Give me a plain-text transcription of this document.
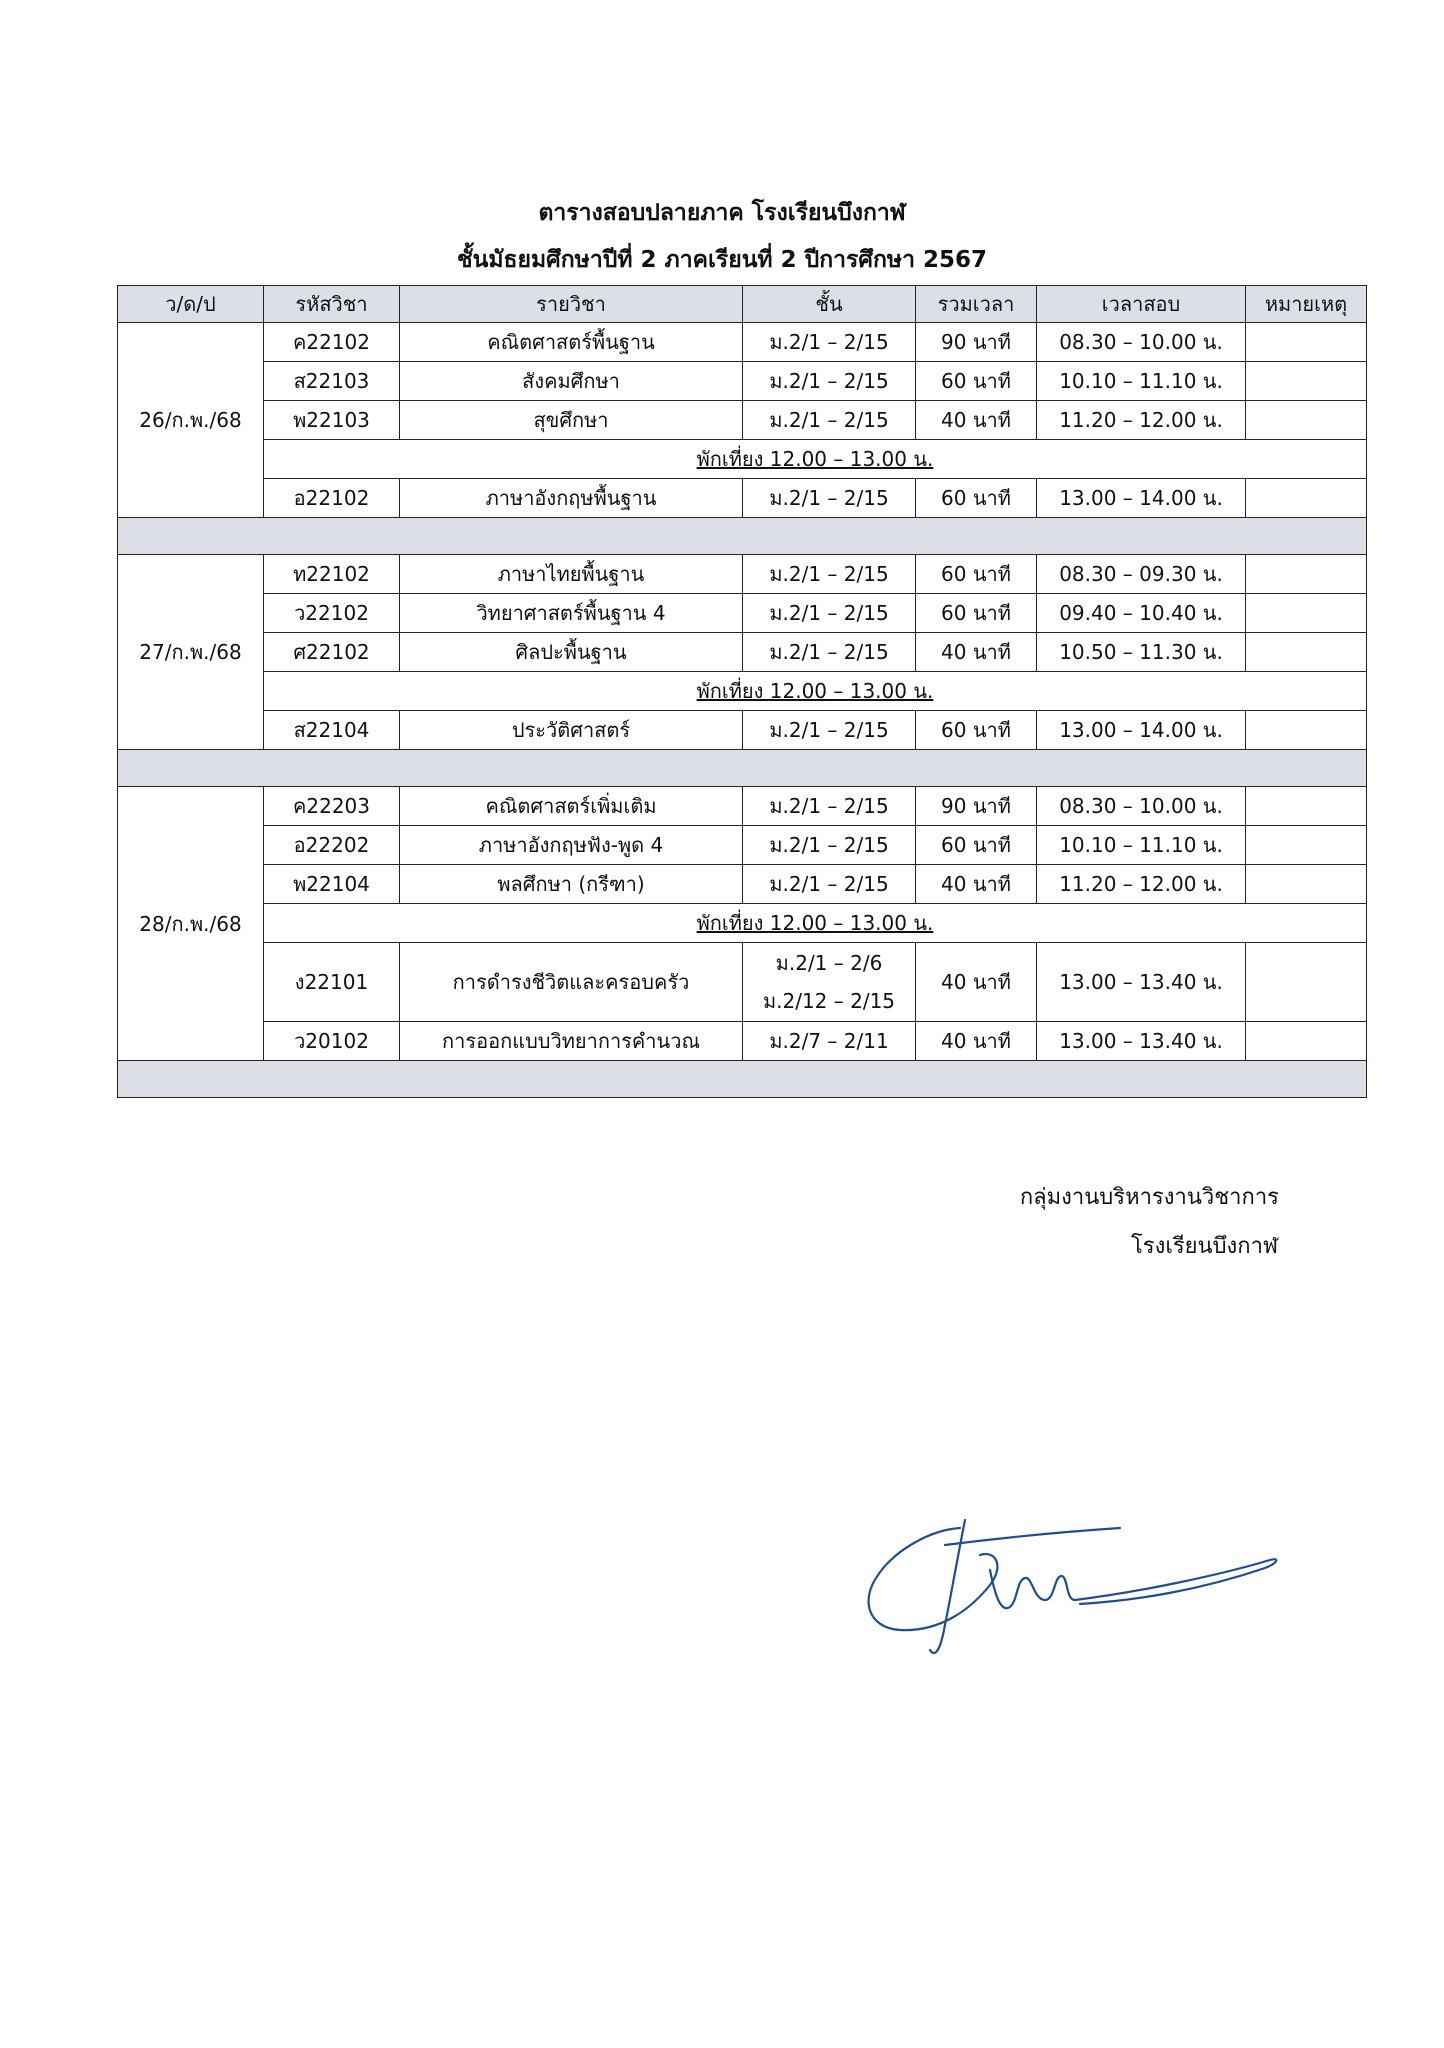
ตารางสอบปลายภาค โรงเรียนบึงกาฬ
ชั้นมัธยมศึกษาปีที่ 2 ภาคเรียนที่ 2 ปีการศึกษา 2567
ว/ด/ป	รหัสวิชา	รายวิชา	ชั้น	รวมเวลา	เวลาสอบ	หมายเหตุ
26/ก.พ./68	ค22102	คณิตศาสตร์พื้นฐาน	ม.2/1 – 2/15	90 นาที	08.30 – 10.00 น.	
	ส22103	สังคมศึกษา	ม.2/1 – 2/15	60 นาที	10.10 – 11.10 น.	
	พ22103	สุขศึกษา	ม.2/1 – 2/15	40 นาที	11.20 – 12.00 น.	
	พักเที่ยง 12.00 – 13.00 น.					
	อ22102	ภาษาอังกฤษพื้นฐาน	ม.2/1 – 2/15	60 นาที	13.00 – 14.00 น.	

27/ก.พ./68	ท22102	ภาษาไทยพื้นฐาน	ม.2/1 – 2/15	60 นาที	08.30 – 09.30 น.	
	ว22102	วิทยาศาสตร์พื้นฐาน 4	ม.2/1 – 2/15	60 นาที	09.40 – 10.40 น.	
	ศ22102	ศิลปะพื้นฐาน	ม.2/1 – 2/15	40 นาที	10.50 – 11.30 น.	
	พักเที่ยง 12.00 – 13.00 น.					
	ส22104	ประวัติศาสตร์	ม.2/1 – 2/15	60 นาที	13.00 – 14.00 น.	

28/ก.พ./68	ค22203	คณิตศาสตร์เพิ่มเติม	ม.2/1 – 2/15	90 นาที	08.30 – 10.00 น.	
	อ22202	ภาษาอังกฤษฟัง-พูด 4	ม.2/1 – 2/15	60 นาที	10.10 – 11.10 น.	
	พ22104	พลศึกษา (กรีฑา)	ม.2/1 – 2/15	40 นาที	11.20 – 12.00 น.	
	พักเที่ยง 12.00 – 13.00 น.					
	ง22101	การดำรงชีวิตและครอบครัว	ม.2/1 – 2/6
ม.2/12 – 2/15	40 นาที	13.00 – 13.40 น.	
	ว20102	การออกแบบวิทยาการคำนวณ	ม.2/7 – 2/11	40 นาที	13.00 – 13.40 น.	

กลุ่มงานบริหารงานวิชาการ
โรงเรียนบึงกาฬ
